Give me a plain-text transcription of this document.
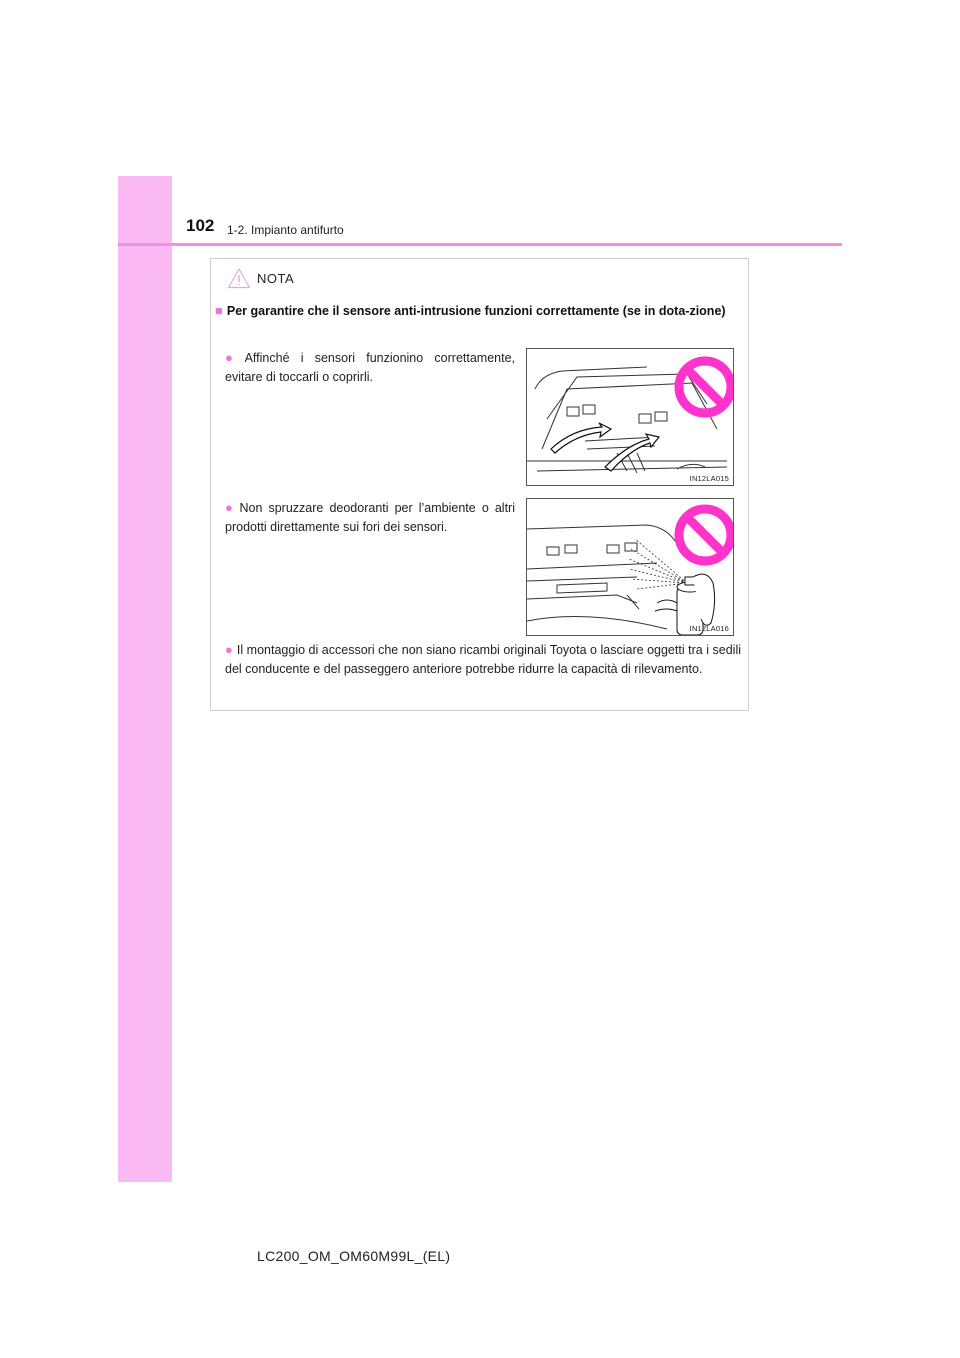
102 1-2. Impianto antifurto
NOTA
■ Per garantire che il sensore anti-intrusione funzioni correttamente (se in dota-zione)
● Affinché i sensori funzionino correttamente, evitare di toccarli o coprirli.
● Non spruzzare deodoranti per l’ambiente o altri prodotti direttamente sui fori dei sensori.
● Il montaggio di accessori che non siano ricambi originali Toyota o lasciare oggetti tra i sedili del conducente e del passeggero anteriore potrebbe ridurre la capacità di rilevamento.
IN12LA015
IN12LA016
LC200_OM_OM60M99L_(EL)
